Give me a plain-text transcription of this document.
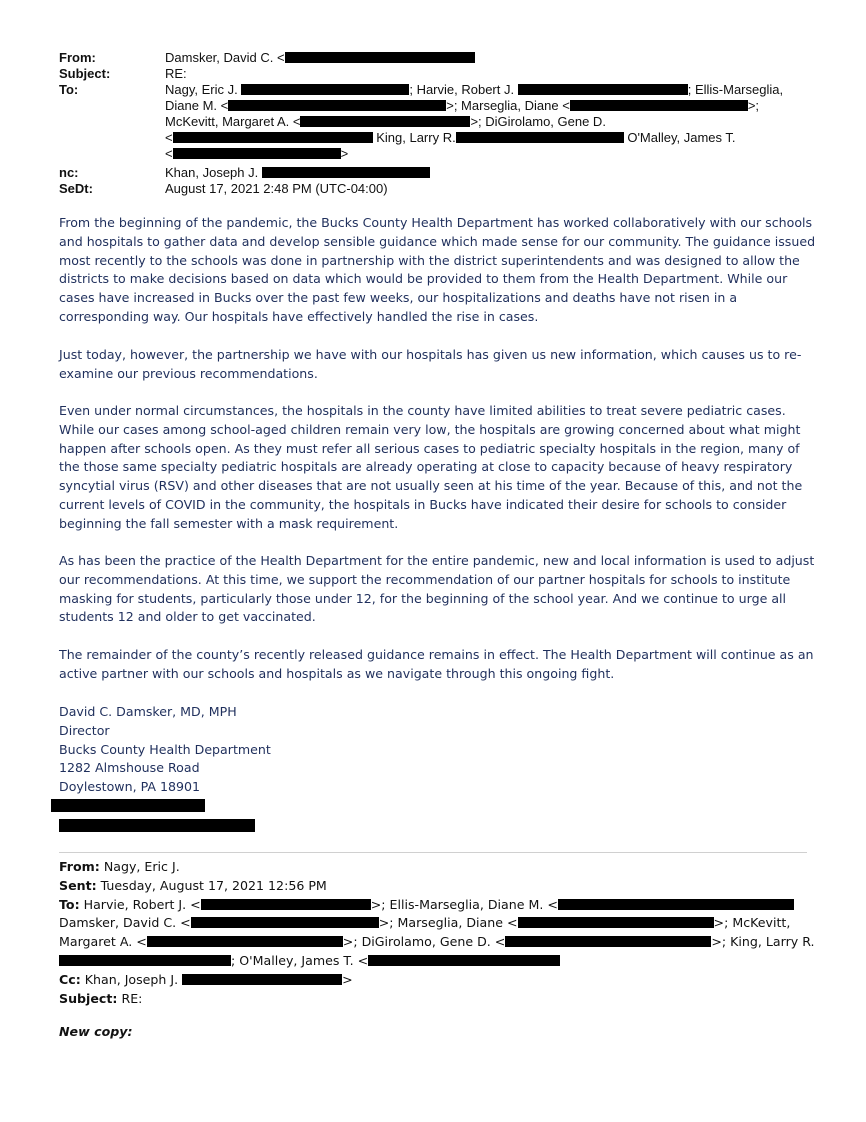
From:	Damsker, David C. <
Subject:	RE:
To:	Nagy, Eric J.	; Harvie, Robert J.	; Ellis-Marseglia,
Diane M. <	>; Marseglia, Diane <	>;
McKevitt, Margaret A. <	>; DiGirolamo, Gene D.
<	King, Larry R.	O'Malley, James T.
<	>
nc:	Khan, Joseph J.
SeDt:	August 17, 2021 2:48 PM (UTC-04:00)
From the beginning of the pandemic, the Bucks County Health Department has worked collaboratively with our schools and hospitals to gather data and develop sensible guidance which made sense for our community. The guidance issued most recently to the schools was done in partnership with the district superintendents and was designed to allow the districts to make decisions based on data which would be provided to them from the Health Department. While our cases have increased in Bucks over the past few weeks, our hospitalizations and deaths have not risen in a corresponding way. Our hospitals have effectively handled the rise in cases.
Just today, however, the partnership we have with our hospitals has given us new information, which causes us to re-examine our previous recommendations.
Even under normal circumstances, the hospitals in the county have limited abilities to treat severe pediatric cases. While our cases among school-aged children remain very low, the hospitals are growing concerned about what might happen after schools open. As they must refer all serious cases to pediatric specialty hospitals in the region, many of the those same specialty pediatric hospitals are already operating at close to capacity because of heavy respiratory syncytial virus (RSV) and other diseases that are not usually seen at his time of the year. Because of this, and not the current levels of COVID in the community, the hospitals in Bucks have indicated their desire for schools to consider beginning the fall semester with a mask requirement.
As has been the practice of the Health Department for the entire pandemic, new and local information is used to adjust our recommendations. At this time, we support the recommendation of our partner hospitals for schools to institute masking for students, particularly those under 12, for the beginning of the school year. And we continue to urge all students 12 and older to get vaccinated.
The remainder of the county’s recently released guidance remains in effect. The Health Department will continue as an active partner with our schools and hospitals as we navigate through this ongoing fight.
David C. Damsker, MD, MPH
Director
Bucks County Health Department
1282 Almshouse Road
Doylestown, PA 18901
From: Nagy, Eric J.
Sent: Tuesday, August 17, 2021 12:56 PM
To: Harvie, Robert J. <	>; Ellis-Marseglia, Diane M. <
Damsker, David C. <	>; Marseglia, Diane <	>; McKevitt,
Margaret A. <	>; DiGirolamo, Gene D. <	>; King, Larry R.
; O'Malley, James T. <
Cc: Khan, Joseph J.	>
Subject: RE:
New copy:
